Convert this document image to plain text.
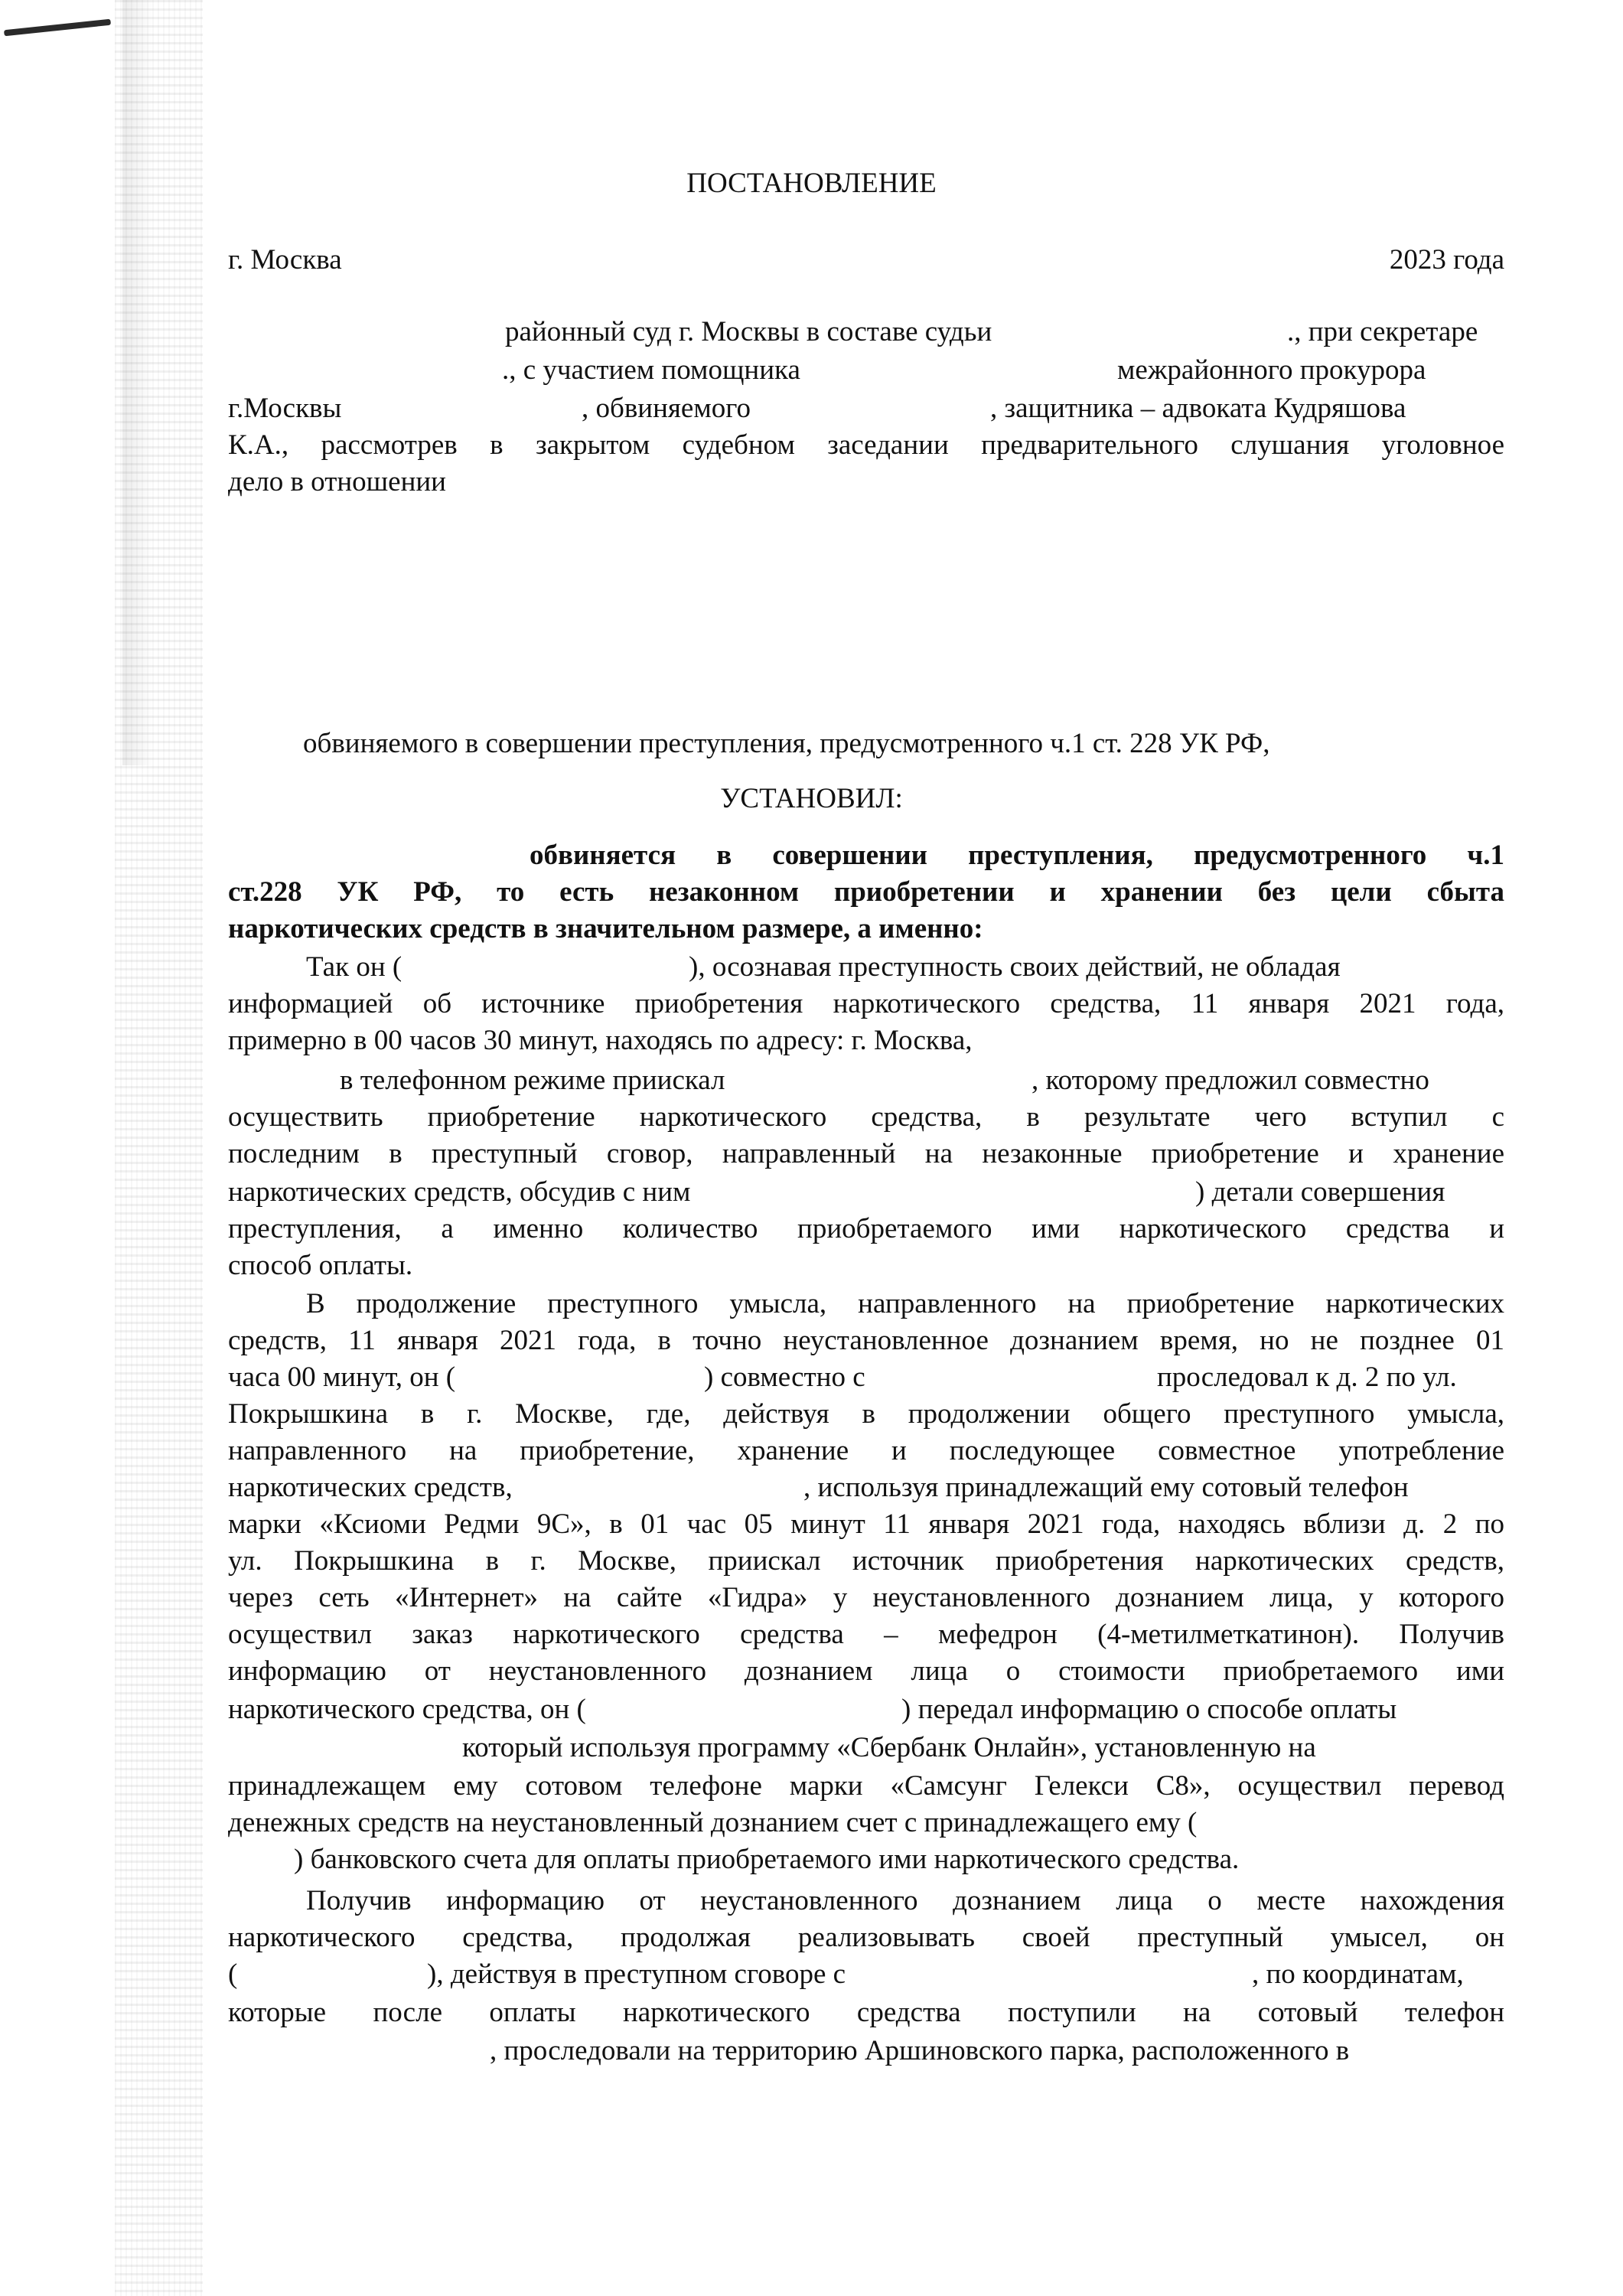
ПОСТАНОВЛЕНИЕ
г. Москва	2023 года
районный суд г. Москвы в составе судьи	., при секретаре
., с участием помощника	межрайонного прокурора
г.Москвы	, обвиняемого	, защитника – адвоката Кудряшова
К.А., рассмотрев в закрытом судебном заседании предварительного слушания уголовное
дело в отношении
обвиняемого в совершении преступления, предусмотренного ч.1 ст. 228 УК РФ,
УСТАНОВИЛ:
обвиняется в совершении преступления, предусмотренного ч.1
ст.228 УК РФ, то есть незаконном приобретении и хранении без цели сбыта
наркотических средств в значительном размере, а именно:
Так он (	), осознавая преступность своих действий, не обладая
информацией об источнике приобретения наркотического средства, 11 января 2021 года,
примерно в 00 часов 30 минут, находясь по адресу: г. Москва,
в телефонном режиме приискал	, которому предложил совместно
осуществить приобретение наркотического средства, в результате чего вступил с
последним в преступный сговор, направленный на незаконные приобретение и хранение
наркотических средств, обсудив с ним	) детали совершения
преступления, а именно количество приобретаемого ими наркотического средства и
способ оплаты.
В продолжение преступного умысла, направленного на приобретение наркотических
средств, 11 января 2021 года, в точно неустановленное дознанием время, но не позднее 01
часа 00 минут, он (	) совместно с	проследовал к д. 2 по ул.
Покрышкина в г. Москве, где, действуя в продолжении общего преступного умысла,
направленного на приобретение, хранение и последующее совместное употребление
наркотических средств,	, используя принадлежащий ему сотовый телефон
марки «Ксиоми Редми 9С», в 01 час 05 минут 11 января 2021 года, находясь вблизи д. 2 по
ул. Покрышкина в г. Москве, приискал источник приобретения наркотических средств,
через сеть «Интернет» на сайте «Гидра» у неустановленного дознанием лица, у которого
осуществил заказ наркотического средства – мефедрон (4-метилметкатинон). Получив
информацию от неустановленного дознанием лица о стоимости приобретаемого ими
наркотического средства, он (	) передал информацию о способе оплаты
который используя программу «Сбербанк Онлайн», установленную на
принадлежащем ему сотовом телефоне марки «Самсунг Гелекси С8», осуществил перевод
денежных средств на неустановленный дознанием счет с принадлежащего ему (
) банковского счета для оплаты приобретаемого ими наркотического средства.
Получив информацию от неустановленного дознанием лица о месте нахождения
наркотического средства, продолжая реализовывать своей преступный умысел, он
(	), действуя в преступном сговоре с	, по координатам,
которые после оплаты наркотического средства поступили на сотовый телефон
, проследовали на территорию Аршиновского парка, расположенного в
